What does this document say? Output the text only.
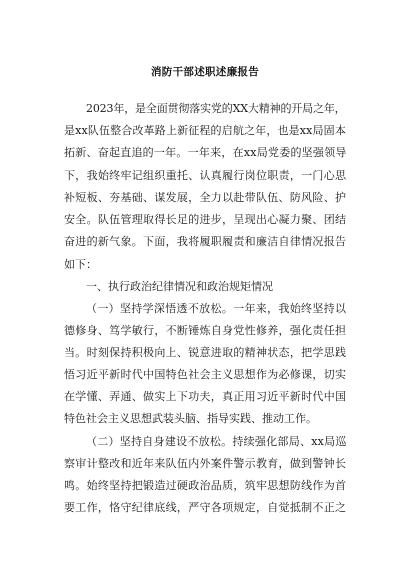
消防干部述职述廉报告
2023年，是全面贯彻落实党的XX大精神的开局之年，
是xx队伍整合改革路上新征程的启航之年，也是xx局固本
拓新、奋起直追的一年。一年来，在xx局党委的坚强领导
下，我始终牢记组织重托、认真履行岗位职责，一门心思
补短板、夯基础、谋发展，全力以赴带队伍、防风险、护
安全。队伍管理取得长足的进步，呈现出心凝力聚、团结
奋进的新气象。下面，我将履职履责和廉洁自律情况报告
如下：
一、执行政治纪律情况和政治规矩情况
（一）坚持学深悟透不放松。一年来，我始终坚持以
德修身、笃学敏行，不断锤炼自身党性修养，强化责任担
当。时刻保持积极向上、锐意进取的精神状态，把学思践
悟习近平新时代中国特色社会主义思想作为必修课，切实
在学懂、弄通、做实上下功夫，真正用习近平新时代中国
特色社会主义思想武装头脑、指导实践、推动工作。
（二）坚持自身建设不放松。持续强化部局、xx局巡
察审计整改和近年来队伍内外案件警示教育，做到警钟长
鸣。始终坚持把锻造过硬政治品质，筑牢思想防线作为首
要工作，恪守纪律底线，严守各项规定，自觉抵制不正之
